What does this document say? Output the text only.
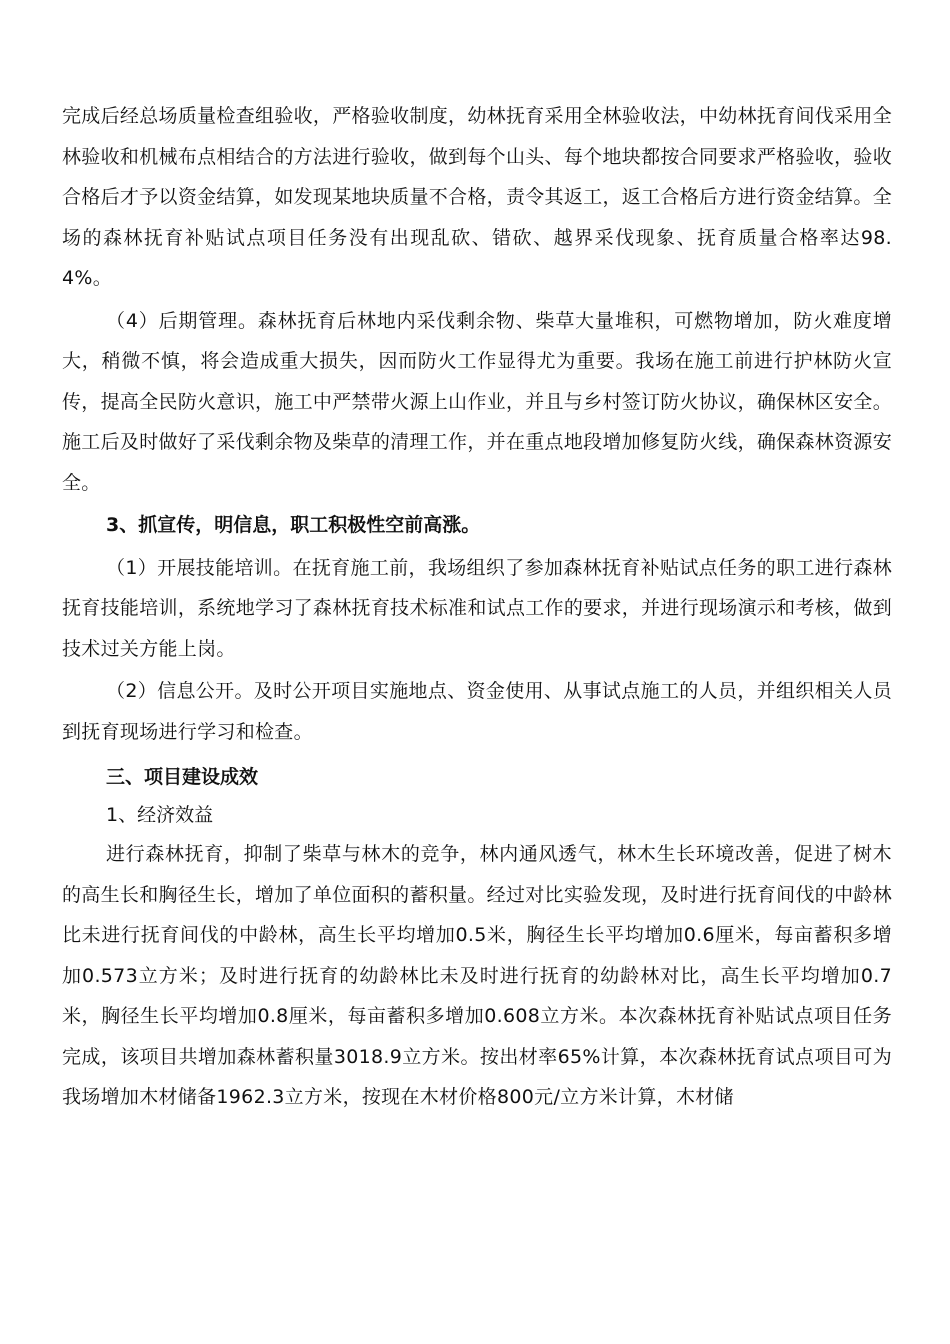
完成后经总场质量检查组验收，严格验收制度，幼林抚育采用全林验收法，中幼林抚育间伐采用全林验收和机械布点相结合的方法进行验收，做到每个山头、每个地块都按合同要求严格验收，验收合格后才予以资金结算，如发现某地块质量不合格，责令其返工，返工合格后方进行资金结算。全场的森林抚育补贴试点项目任务没有出现乱砍、错砍、越界采伐现象、抚育质量合格率达98.4%。

（4）后期管理。森林抚育后林地内采伐剩余物、柴草大量堆积，可燃物增加，防火难度增大，稍微不慎，将会造成重大损失，因而防火工作显得尤为重要。我场在施工前进行护林防火宣传，提高全民防火意识，施工中严禁带火源上山作业，并且与乡村签订防火协议，确保林区安全。施工后及时做好了采伐剩余物及柴草的清理工作，并在重点地段增加修复防火线，确保森林资源安全。

3、抓宣传，明信息，职工积极性空前高涨。

（1）开展技能培训。在抚育施工前，我场组织了参加森林抚育补贴试点任务的职工进行森林抚育技能培训，系统地学习了森林抚育技术标准和试点工作的要求，并进行现场演示和考核，做到技术过关方能上岗。

（2）信息公开。及时公开项目实施地点、资金使用、从事试点施工的人员，并组织相关人员到抚育现场进行学习和检查。

三、项目建设成效

1、经济效益

进行森林抚育，抑制了柴草与林木的竞争，林内通风透气，林木生长环境改善，促进了树木的高生长和胸径生长，增加了单位面积的蓄积量。经过对比实验发现，及时进行抚育间伐的中龄林比未进行抚育间伐的中龄林，高生长平均增加0.5米，胸径生长平均增加0.6厘米，每亩蓄积多增加0.573立方米；及时进行抚育的幼龄林比未及时进行抚育的幼龄林对比，高生长平均增加0.7米，胸径生长平均增加0.8厘米，每亩蓄积多增加0.608立方米。本次森林抚育补贴试点项目任务完成，该项目共增加森林蓄积量3018.9立方米。按出材率65%计算，本次森林抚育试点项目可为我场增加木材储备1962.3立方米，按现在木材价格800元/立方米计算，木材储
